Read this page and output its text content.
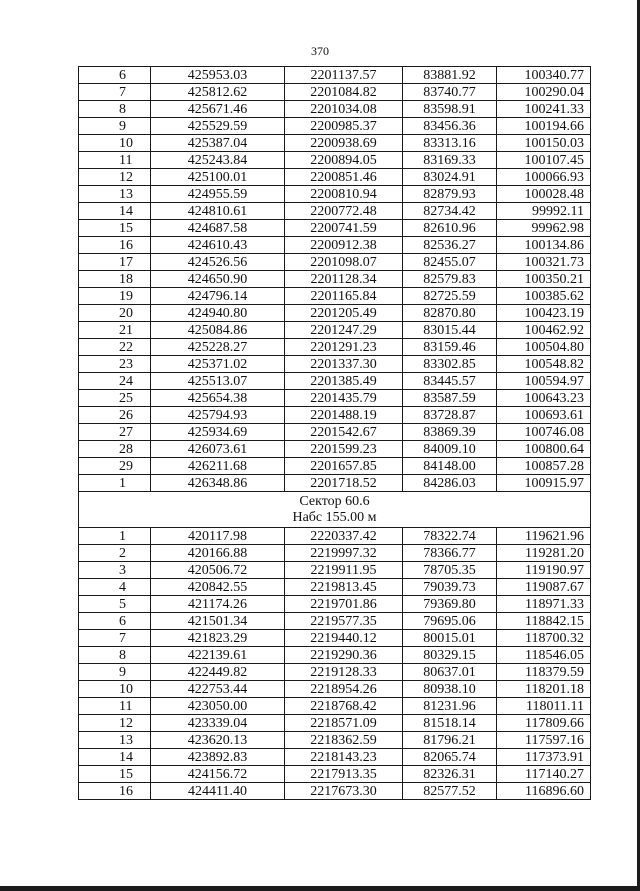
370
6	425953.03	2201137.57	83881.92	100340.77
7	425812.62	2201084.82	83740.77	100290.04
8	425671.46	2201034.08	83598.91	100241.33
9	425529.59	2200985.37	83456.36	100194.66
10	425387.04	2200938.69	83313.16	100150.03
11	425243.84	2200894.05	83169.33	100107.45
12	425100.01	2200851.46	83024.91	100066.93
13	424955.59	2200810.94	82879.93	100028.48
14	424810.61	2200772.48	82734.42	99992.11
15	424687.58	2200741.59	82610.96	99962.98
16	424610.43	2200912.38	82536.27	100134.86
17	424526.56	2201098.07	82455.07	100321.73
18	424650.90	2201128.34	82579.83	100350.21
19	424796.14	2201165.84	82725.59	100385.62
20	424940.80	2201205.49	82870.80	100423.19
21	425084.86	2201247.29	83015.44	100462.92
22	425228.27	2201291.23	83159.46	100504.80
23	425371.02	2201337.30	83302.85	100548.82
24	425513.07	2201385.49	83445.57	100594.97
25	425654.38	2201435.79	83587.59	100643.23
26	425794.93	2201488.19	83728.87	100693.61
27	425934.69	2201542.67	83869.39	100746.08
28	426073.61	2201599.23	84009.10	100800.64
29	426211.68	2201657.85	84148.00	100857.28
1	426348.86	2201718.52	84286.03	100915.97

Сектор 60.6
Набс 155.00 м				

1	420117.98	2220337.42	78322.74	119621.96
2	420166.88	2219997.32	78366.77	119281.20
3	420506.72	2219911.95	78705.35	119190.97
4	420842.55	2219813.45	79039.73	119087.67
5	421174.26	2219701.86	79369.80	118971.33
6	421501.34	2219577.35	79695.06	118842.15
7	421823.29	2219440.12	80015.01	118700.32
8	422139.61	2219290.36	80329.15	118546.05
9	422449.82	2219128.33	80637.01	118379.59
10	422753.44	2218954.26	80938.10	118201.18
11	423050.00	2218768.42	81231.96	118011.11
12	423339.04	2218571.09	81518.14	117809.66
13	423620.13	2218362.59	81796.21	117597.16
14	423892.83	2218143.23	82065.74	117373.91
15	424156.72	2217913.35	82326.31	117140.27
16	424411.40	2217673.30	82577.52	116896.60
